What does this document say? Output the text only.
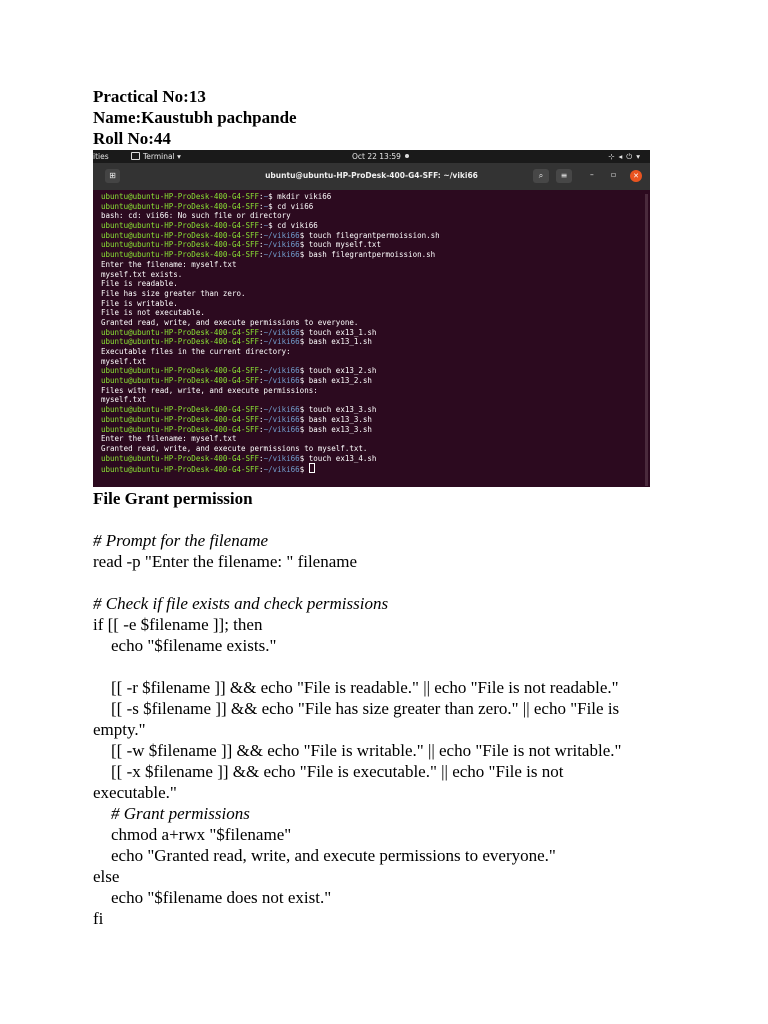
Practical No:13
Name:Kaustubh pachpande
Roll No:44
ities	Terminal ▾	Oct 22 13:59	⊹◂⏻▾
⊞	ubuntu@ubuntu-HP-ProDesk-400-G4-SFF: ~/viki66	⌕	≡	– ▫	✕
ubuntu@ubuntu-HP-ProDesk-400-G4-SFF:~$ mkdir viki66
ubuntu@ubuntu-HP-ProDesk-400-G4-SFF:~$ cd vii66
bash: cd: vii66: No such file or directory
ubuntu@ubuntu-HP-ProDesk-400-G4-SFF:~$ cd viki66
ubuntu@ubuntu-HP-ProDesk-400-G4-SFF:~/viki66$ touch filegrantpermoission.sh
ubuntu@ubuntu-HP-ProDesk-400-G4-SFF:~/viki66$ touch myself.txt
ubuntu@ubuntu-HP-ProDesk-400-G4-SFF:~/viki66$ bash filegrantpermoission.sh
Enter the filename: myself.txt
myself.txt exists.
File is readable.
File has size greater than zero.
File is writable.
File is not executable.
Granted read, write, and execute permissions to everyone.
ubuntu@ubuntu-HP-ProDesk-400-G4-SFF:~/viki66$ touch ex13_1.sh
ubuntu@ubuntu-HP-ProDesk-400-G4-SFF:~/viki66$ bash ex13_1.sh
Executable files in the current directory:
myself.txt
ubuntu@ubuntu-HP-ProDesk-400-G4-SFF:~/viki66$ touch ex13_2.sh
ubuntu@ubuntu-HP-ProDesk-400-G4-SFF:~/viki66$ bash ex13_2.sh
Files with read, write, and execute permissions:
myself.txt
ubuntu@ubuntu-HP-ProDesk-400-G4-SFF:~/viki66$ touch ex13_3.sh
ubuntu@ubuntu-HP-ProDesk-400-G4-SFF:~/viki66$ bash ex13_3.sh
ubuntu@ubuntu-HP-ProDesk-400-G4-SFF:~/viki66$ bash ex13_3.sh
Enter the filename: myself.txt
Granted read, write, and execute permissions to myself.txt.
ubuntu@ubuntu-HP-ProDesk-400-G4-SFF:~/viki66$ touch ex13_4.sh
ubuntu@ubuntu-HP-ProDesk-400-G4-SFF:~/viki66$
File Grant permission
# Prompt for the filename
read -p "Enter the filename: " filename
# Check if file exists and check permissions
if [[ -e $filename ]]; then
echo "$filename exists."
[[ -r $filename ]] && echo "File is readable." || echo "File is not readable."
[[ -s $filename ]] && echo "File has size greater than zero." || echo "File is
empty."
[[ -w $filename ]] && echo "File is writable." || echo "File is not writable."
[[ -x $filename ]] && echo "File is executable." || echo "File is not
executable."
# Grant permissions
chmod a+rwx "$filename"
echo "Granted read, write, and execute permissions to everyone."
else
echo "$filename does not exist."
fi
